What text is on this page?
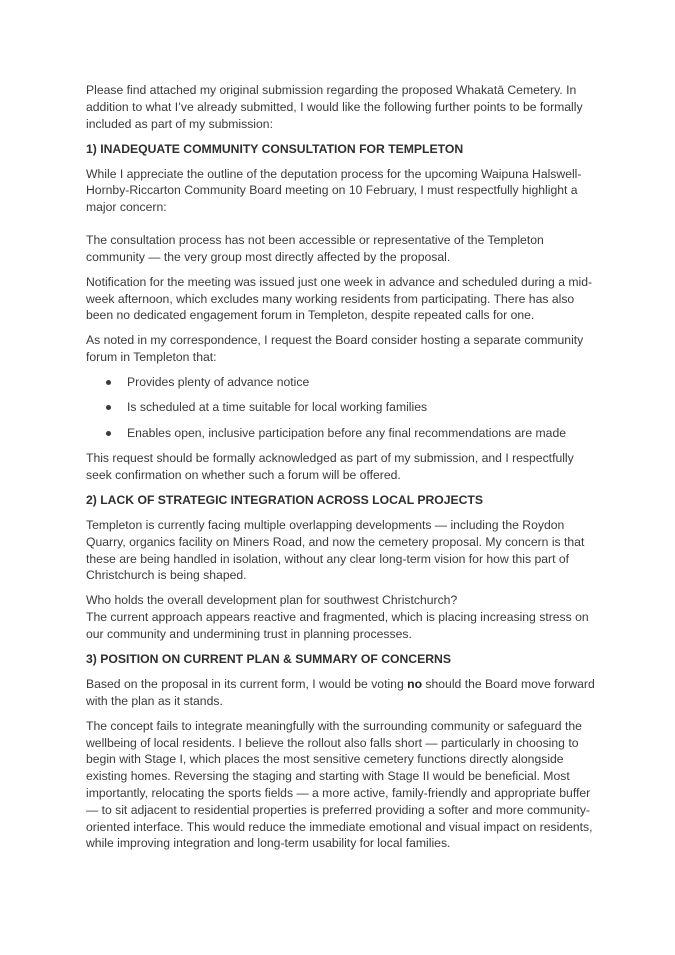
Please find attached my original submission regarding the proposed Whakatā Cemetery. In addition to what I’ve already submitted, I would like the following further points to be formally included as part of my submission:

1) INADEQUATE COMMUNITY CONSULTATION FOR TEMPLETON

While I appreciate the outline of the deputation process for the upcoming Waipuna Halswell-Hornby-Riccarton Community Board meeting on 10 February, I must respectfully highlight a major concern:

The consultation process has not been accessible or representative of the Templeton community — the very group most directly affected by the proposal.

Notification for the meeting was issued just one week in advance and scheduled during a mid-week afternoon, which excludes many working residents from participating. There has also been no dedicated engagement forum in Templeton, despite repeated calls for one.

As noted in my correspondence, I request the Board consider hosting a separate community forum in Templeton that:

Provides plenty of advance notice
Is scheduled at a time suitable for local working families
Enables open, inclusive participation before any final recommendations are made

This request should be formally acknowledged as part of my submission, and I respectfully seek confirmation on whether such a forum will be offered.

2) LACK OF STRATEGIC INTEGRATION ACROSS LOCAL PROJECTS

Templeton is currently facing multiple overlapping developments — including the Roydon Quarry, organics facility on Miners Road, and now the cemetery proposal. My concern is that these are being handled in isolation, without any clear long-term vision for how this part of Christchurch is being shaped.

Who holds the overall development plan for southwest Christchurch?
The current approach appears reactive and fragmented, which is placing increasing stress on our community and undermining trust in planning processes.

3) POSITION ON CURRENT PLAN & SUMMARY OF CONCERNS

Based on the proposal in its current form, I would be voting no should the Board move forward with the plan as it stands.

The concept fails to integrate meaningfully with the surrounding community or safeguard the wellbeing of local residents. I believe the rollout also falls short — particularly in choosing to begin with Stage I, which places the most sensitive cemetery functions directly alongside existing homes. Reversing the staging and starting with Stage II would be beneficial. Most importantly, relocating the sports fields — a more active, family-friendly and appropriate buffer — to sit adjacent to residential properties is preferred providing a softer and more community-oriented interface. This would reduce the immediate emotional and visual impact on residents, while improving integration and long-term usability for local families.
